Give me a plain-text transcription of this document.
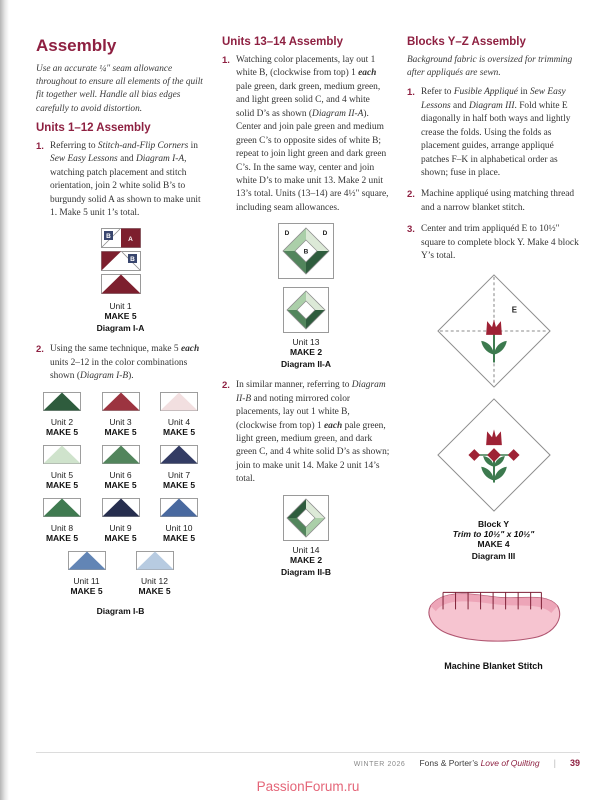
Assembly

Use an accurate ¼" seam allowance throughout to ensure all elements of the quilt fit together well. Handle all bias edges carefully to avoid distortion.

Units 1–12 Assembly
1. Referring to Stitch-and-Flip Corners in Sew Easy Lessons and Diagram I-A, watching patch placement and stitch orientation, join 2 white solid B’s to burgundy solid A as shown to make unit 1. Make 5 unit 1’s total.
B	A
B
Unit 1
MAKE 5
Diagram I-A
2. Using the same technique, make 5 each units 2–12 in the color combinations shown (Diagram I-B).
Unit 2
MAKE 5
Unit 3
MAKE 5
Unit 4
MAKE 5
Unit 5
MAKE 5
Unit 6
MAKE 5
Unit 7
MAKE 5
Unit 8
MAKE 5
Unit 9
MAKE 5
Unit 10
MAKE 5
Unit 11
MAKE 5
Unit 12
MAKE 5
Diagram I-B
Units 13–14 Assembly
1. Watching color placements, lay out 1 white B, (clockwise from top) 1 each pale green, dark green, medium green, and light green solid C, and 4 white solid D’s as shown (Diagram II-A). Center and join pale green and medium green C’s to opposite sides of white B; repeat to join light green and dark green C’s. In the same way, center and join white D’s to make unit 13. Make 2 unit 13’s total. Units (13–14) are 4½" square, including seam allowances.
D	D
B
Unit 13
MAKE 2
Diagram II-A
2. In similar manner, referring to Diagram II-B and noting mirrored color placements, lay out 1 white B, (clockwise from top) 1 each pale green, light green, medium green, and dark green C, and 4 white solid D’s as shown; join to make unit 14. Make 2 unit 14’s total.
Unit 14
MAKE 2
Diagram II-B
Blocks Y–Z Assembly

Background fabric is oversized for trimming after appliqués are sewn.

1. Refer to Fusible Appliqué in Sew Easy Lessons and Diagram III. Fold white E diagonally in half both ways and lightly crease the folds. Using the folds as placement guides, arrange appliqué patches F–K in alphabetical order as shown; fuse in place.
2. Machine appliqué using matching thread and a narrow blanket stitch.
3. Center and trim appliquéd E to 10½" square to complete block Y. Make 4 block Y’s total.
E
Block Y
Trim to 10½" x 10½"
MAKE 4
Diagram III
Machine Blanket Stitch
WINTER 2026 Fons & Porter’s Love of Quilting | 39
PassionForum.ru
